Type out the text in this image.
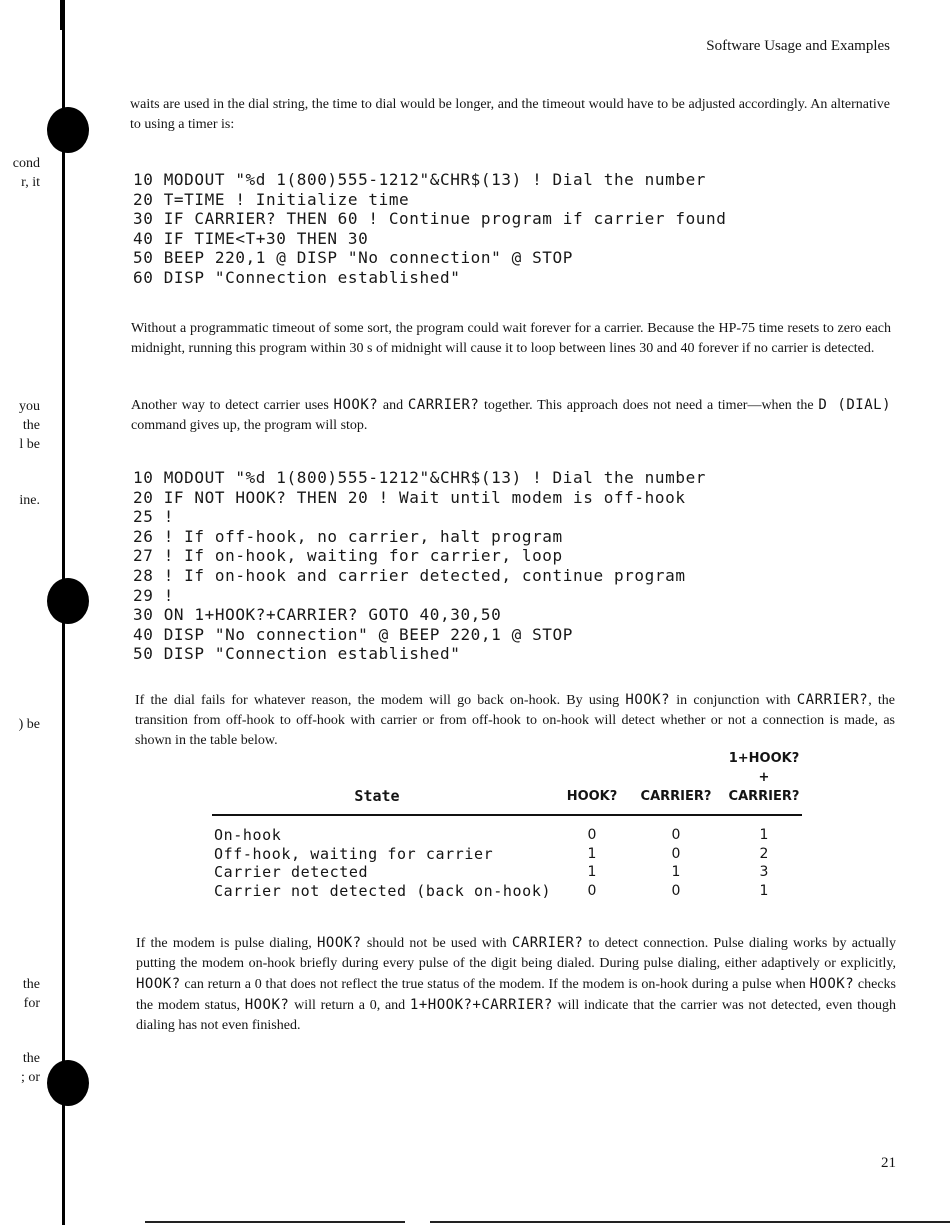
cond
r, it
you
the
l be
ine.
) be
the
for
the
; or
Software Usage and Examples

waits are used in the dial string, the time to dial would be longer, and the timeout would have to be adjusted accordingly. An alternative to using a timer is:

10 MODOUT "%d 1(800)555-1212"&CHR$(13) ! Dial the number
20 T=TIME ! Initialize time
30 IF CARRIER? THEN 60 ! Continue program if carrier found
40 IF TIME<T+30 THEN 30
50 BEEP 220,1 @ DISP "No connection" @ STOP
60 DISP "Connection established"

Without a programmatic timeout of some sort, the program could wait forever for a carrier. Because the HP-75 time resets to zero each midnight, running this program within 30 s of midnight will cause it to loop between lines 30 and 40 forever if no carrier is detected.

Another way to detect carrier uses HOOK? and CARRIER? together. This approach does not need a timer—when the D (DIAL) command gives up, the program will stop.

10 MODOUT "%d 1(800)555-1212"&CHR$(13) ! Dial the number
20 IF NOT HOOK? THEN 20 ! Wait until modem is off-hook
25 !
26 ! If off-hook, no carrier, halt program
27 ! If on-hook, waiting for carrier, loop
28 ! If on-hook and carrier detected, continue program
29 !
30 ON 1+HOOK?+CARRIER? GOTO 40,30,50
40 DISP "No connection" @ BEEP 220,1 @ STOP
50 DISP "Connection established"

If the dial fails for whatever reason, the modem will go back on-hook. By using HOOK? in conjunction with CARRIER?, the transition from off-hook to off-hook with carrier or from off-hook to on-hook will detect whether or not a connection is made, as shown in the table below.

State	HOOK?	CARRIER?
1+HOOK?+
CARRIER?
On-hook	0	0	1
Off-hook, waiting for carrier	1	0	2
Carrier detected	1	1	3
Carrier not detected (back on-hook)	0	0	1

If the modem is pulse dialing, HOOK? should not be used with CARRIER? to detect connection. Pulse dialing works by actually putting the modem on-hook briefly during every pulse of the digit being dialed. During pulse dialing, either adaptively or explicitly, HOOK? can return a 0 that does not reflect the true status of the modem. If the modem is on-hook during a pulse when HOOK? checks the modem status, HOOK? will return a 0, and 1+HOOK?+CARRIER? will indicate that the carrier was not detected, even though dialing has not even finished.

21
